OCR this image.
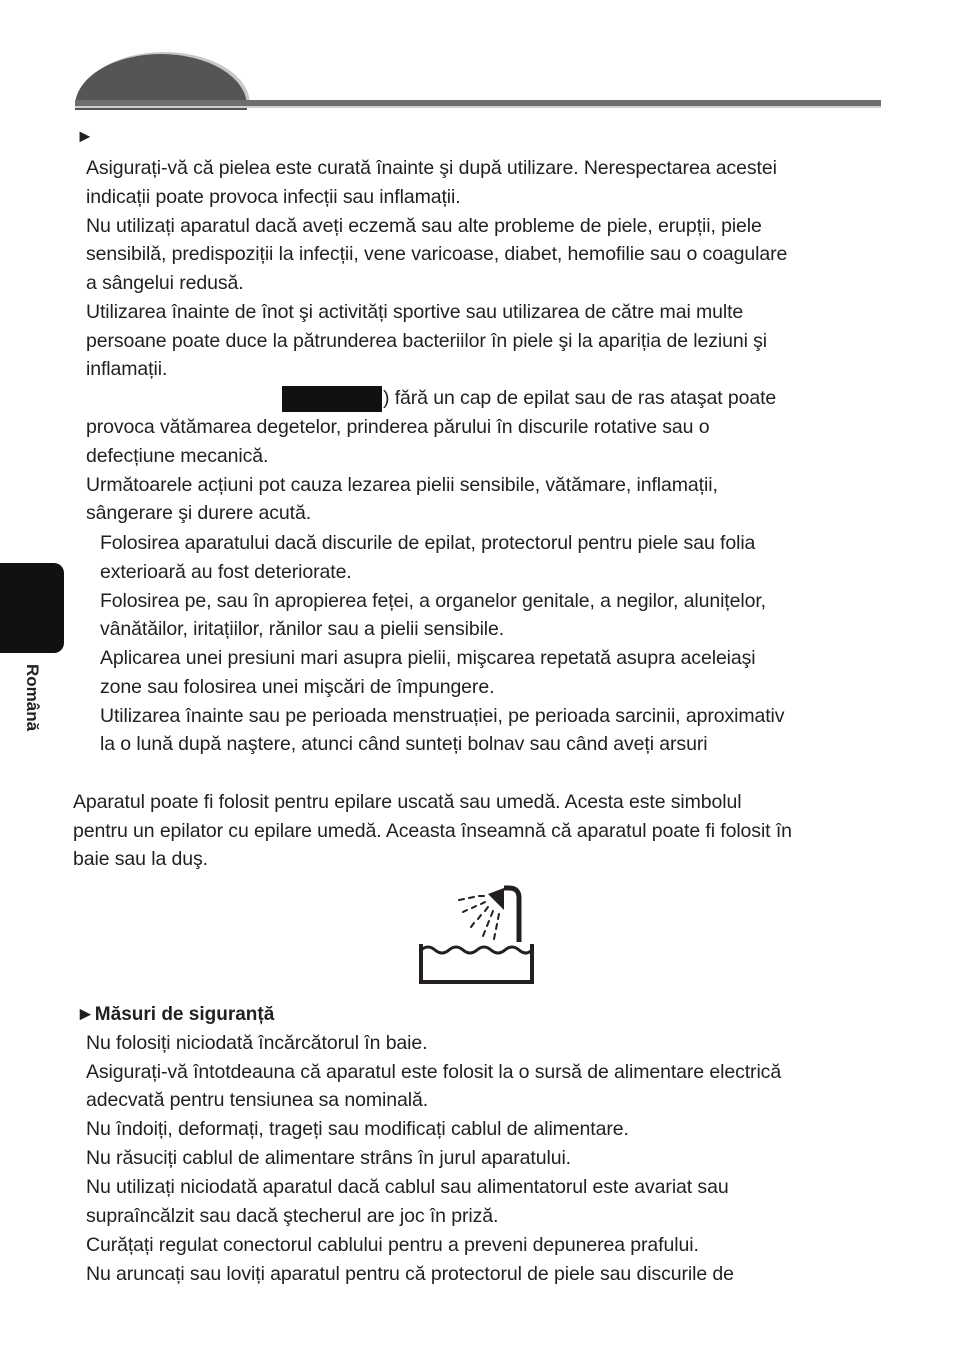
Română
►
Asigurați-vă că pielea este curată înainte şi după utilizare. Nerespectarea acestei
indicații poate provoca infecții sau inflamații.
Nu utilizați aparatul dacă aveți eczemă sau alte probleme de piele, erupții, piele
sensibilă, predispoziții la infecții, vene varicoase, diabet, hemofilie sau o coagulare
a sângelui redusă.
Utilizarea înainte de înot şi activități sportive sau utilizarea de către mai multe
persoane poate duce la pătrunderea bacteriilor în piele şi la apariția de leziuni şi
inflamații.
) fără un cap de epilat sau de ras ataşat poate
provoca vătămarea degetelor, prinderea părului în discurile rotative sau o
defecțiune mecanică.
Următoarele acțiuni pot cauza lezarea pielii sensibile, vătămare, inflamații,
sângerare şi durere acută.
Folosirea aparatului dacă discurile de epilat, protectorul pentru piele sau folia
exterioară au fost deteriorate.
Folosirea pe, sau în apropierea feței, a organelor genitale, a negilor, alunițelor,
vânătăilor, iritațiilor, rănilor sau a pielii sensibile.
Aplicarea unei presiuni mari asupra pielii, mişcarea repetată asupra aceleiaşi
zone sau folosirea unei mişcări de împungere.
Utilizarea înainte sau pe perioada menstruației, pe perioada sarcinii, aproximativ
la o lună după naştere, atunci când sunteți bolnav sau când aveți arsuri
Aparatul poate fi folosit pentru epilare uscată sau umedă. Acesta este simbolul
pentru un epilator cu epilare umedă. Aceasta înseamnă că aparatul poate fi folosit în
baie sau la duş.
►Măsuri de siguranță
Nu folosiți niciodată încărcătorul în baie.
Asigurați-vă întotdeauna că aparatul este folosit la o sursă de alimentare electrică
adecvată pentru tensiunea sa nominală.
Nu îndoiți, deformați, trageți sau modificați cablul de alimentare.
Nu răsuciți cablul de alimentare strâns în jurul aparatului.
Nu utilizați niciodată aparatul dacă cablul sau alimentatorul este avariat sau
supraîncălzit sau dacă ştecherul are joc în priză.
Curățați regulat conectorul cablului pentru a preveni depunerea prafului.
Nu aruncați sau loviți aparatul pentru că protectorul de piele sau discurile de
